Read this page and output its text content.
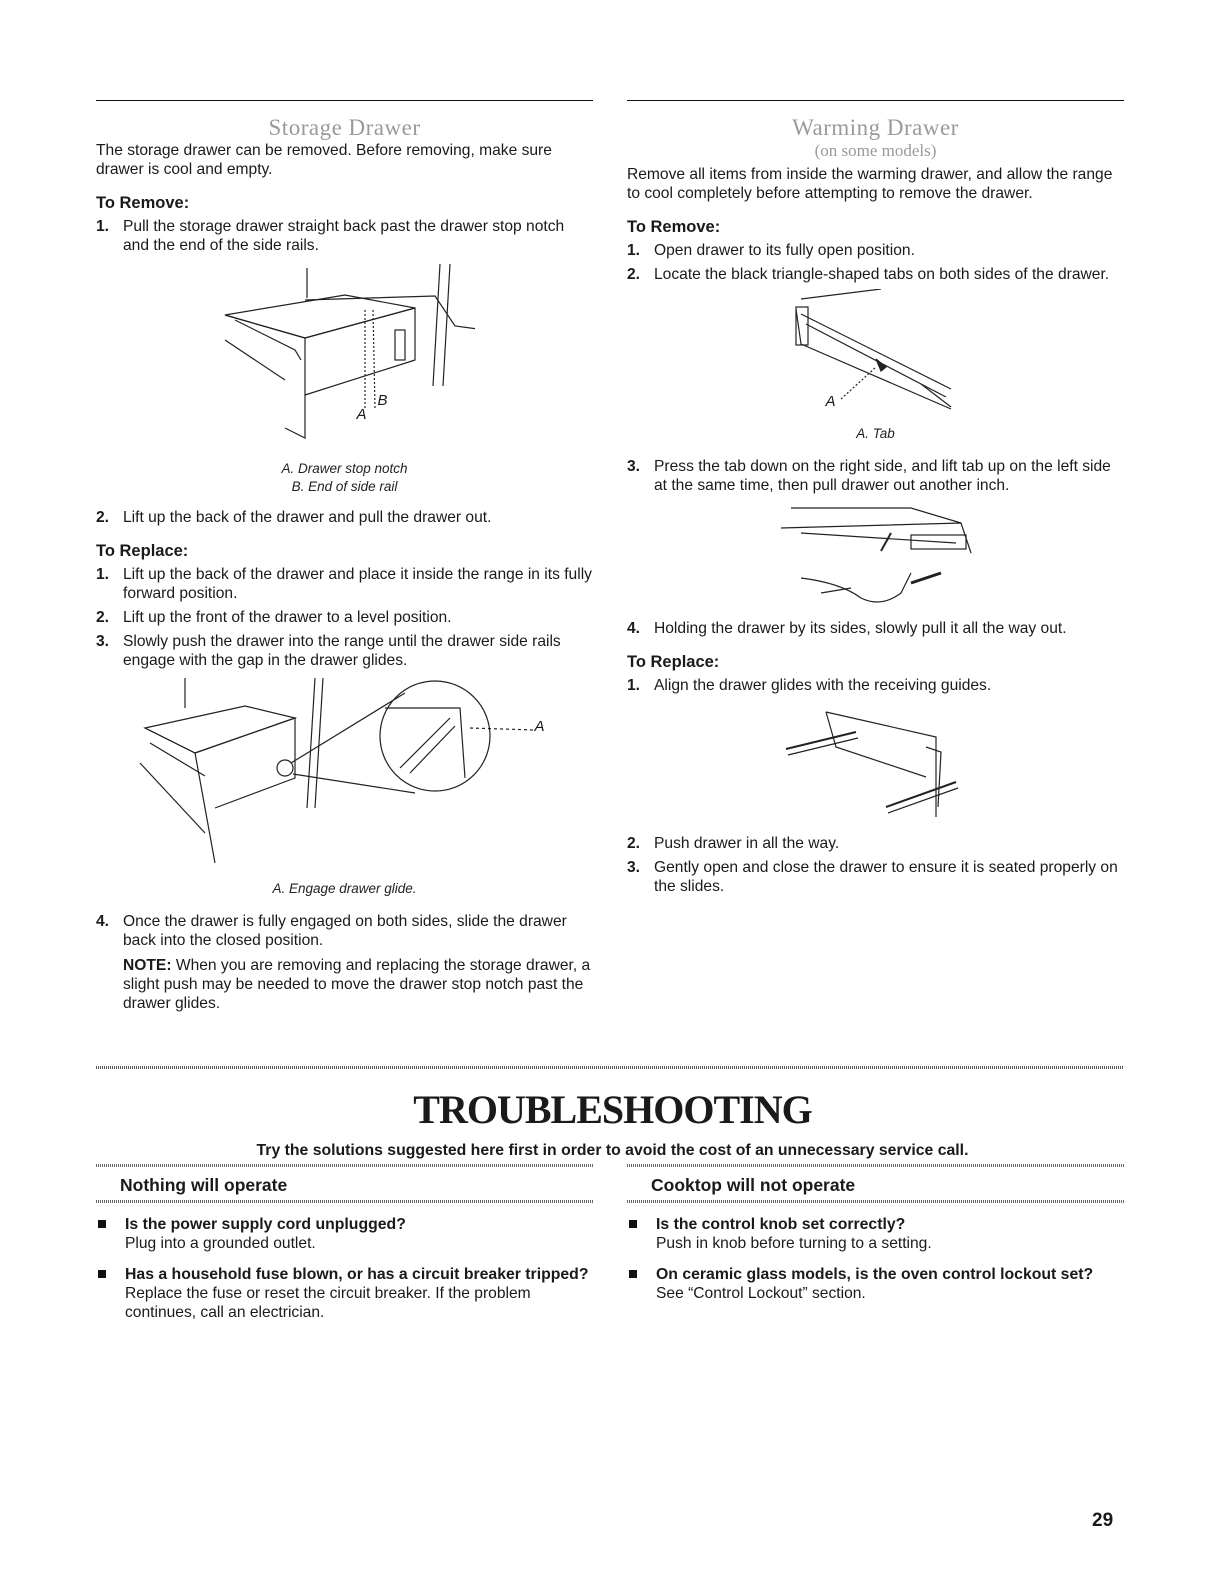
Storage Drawer

The storage drawer can be removed. Before removing, make sure drawer is cool and empty.

To Remove:
1. Pull the storage drawer straight back past the drawer stop notch and the end of the side rails.
A
B
A. Drawer stop notch
B. End of side rail
2. Lift up the back of the drawer and pull the drawer out.
To Replace:
1. Lift up the back of the drawer and place it inside the range in its fully forward position.
2. Lift up the front of the drawer to a level position.
3. Slowly push the drawer into the range until the drawer side rails engage with the gap in the drawer glides.
A
A. Engage drawer glide.
4. Once the drawer is fully engaged on both sides, slide the drawer back into the closed position.
NOTE: When you are removing and replacing the storage drawer, a slight push may be needed to move the drawer stop notch past the drawer glides.
Warming Drawer
(on some models)

Remove all items from inside the warming drawer, and allow the range to cool completely before attempting to remove the drawer.

To Remove:
1. Open drawer to its fully open position.
2. Locate the black triangle-shaped tabs on both sides of the drawer.
A
A. Tab
3. Press the tab down on the right side, and lift tab up on the left side at the same time, then pull drawer out another inch.
4. Holding the drawer by its sides, slowly pull it all the way out.
To Replace:
1. Align the drawer glides with the receiving guides.
2. Push drawer in all the way.
3. Gently open and close the drawer to ensure it is seated properly on the slides.
TROUBLESHOOTING
Try the solutions suggested here first in order to avoid the cost of an unnecessary service call.
Nothing will operate
Is the power supply cord unplugged?
Plug into a grounded outlet.
Has a household fuse blown, or has a circuit breaker tripped?
Replace the fuse or reset the circuit breaker. If the problem continues, call an electrician.
Cooktop will not operate
Is the control knob set correctly?
Push in knob before turning to a setting.
On ceramic glass models, is the oven control lockout set?
See “Control Lockout” section.
29
